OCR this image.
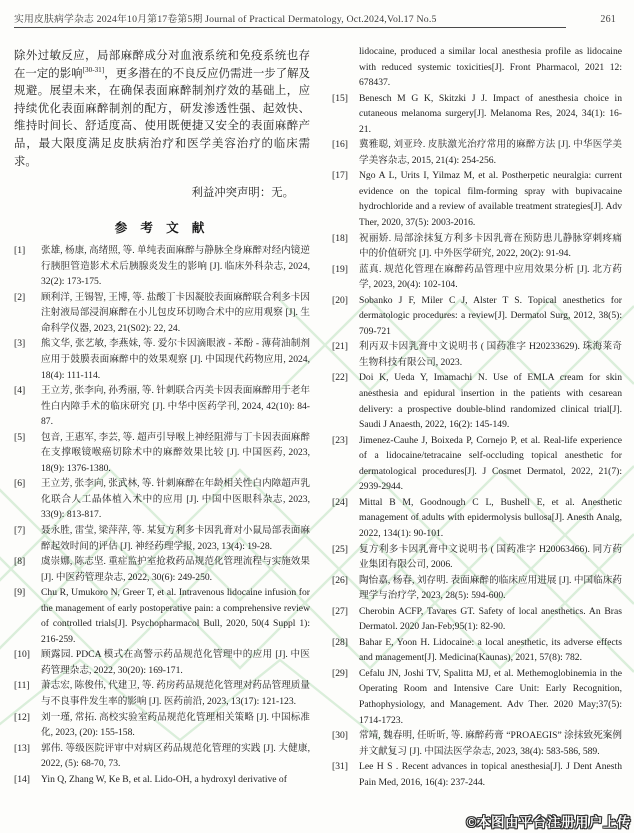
实用皮肤病学杂志 2024年10月第17卷第5期 Journal of Practical Dermatology, Oct.2024,Vol.17 No.5	261

除外过敏反应，局部麻醉成分对血液系统和免疫系统也存在一定的影响[30-31]，更多潜在的不良反应仍需进一步了解及规避。展望未来，在确保表面麻醉制剂疗效的基础上，应持续优化表面麻醉制剂的配方，研发渗透性强、起效快、维持时间长、舒适度高、使用既便捷又安全的表面麻醉产品，最大限度满足皮肤病治疗和医学美容治疗的临床需求。

利益冲突声明：无。

参 考 文 献
[1] 张雄, 杨康, 高绪照, 等. 单纯表面麻醉与静脉全身麻醉对经内镜逆行胰胆管造影术术后胰腺炎发生的影响 [J]. 临床外科杂志, 2024, 32(2): 173-175.
[2] 顾利洋, 王锡智, 王博, 等. 盐酸丁卡因凝胶表面麻醉联合利多卡因注射液局部浸润麻醉在小儿包皮环切吻合术中的应用观察 [J]. 生命科学仪器, 2023, 21(S02): 22, 24.
[3] 熊文华, 张艺敏, 李燕妹, 等. 爱尔卡因滴眼液 - 苯酚 - 薄荷油制剂应用于鼓膜表面麻醉中的效果观察 [J]. 中国现代药物应用, 2024, 18(4): 111-114.
[4] 王立芳, 张李向, 孙秀丽, 等. 针刺联合丙美卡因表面麻醉用于老年性白内障手术的临床研究 [J]. 中华中医药学刊, 2024, 42(10): 84-87.
[5] 包音, 王惠军, 李芸, 等. 超声引导喉上神经阻滞与丁卡因表面麻醉在支撑喉镜喉癌切除术中的麻醉效果比较 [J]. 中国医药, 2023, 18(9): 1376-1380.
[6] 王立芳, 张李向, 张武林, 等. 针刺麻醉在年龄相关性白内障超声乳化联合人工晶体植入术中的应用 [J]. 中国中医眼科杂志, 2023, 33(9): 813-817.
[7] 聂永胜, 雷莹, 梁萍萍, 等. 某复方利多卡因乳膏对小鼠局部表面麻醉起效时间的评估 [J]. 神经药理学报, 2023, 13(4): 19-28.
[8] 虞崇娜, 陈志坚. 重症监护室抢救药品规范化管理流程与实施效果 [J]. 中医药管理杂志, 2022, 30(6): 249-250.
[9] Chu R, Umukoro N, Greer T, et al. Intravenous lidocaine infusion for the management of early postoperative pain: a comprehensive review of controlled trials[J]. Psychopharmacol Bull, 2020, 50(4 Suppl 1): 216-259.
[10] 顾露园. PDCA 模式在高警示药品规范化管理中的应用 [J]. 中医药管理杂志, 2022, 30(20): 169-171.
[11] 萧志宏, 陈俊伟, 代建卫, 等. 药房药品规范化管理对药品管理质量与不良事件发生率的影响 [J]. 医药前沿, 2023, 13(17): 121-123.
[12] 刘一瑾, 常拓. 高校实验室药品规范化管理相关策略 [J]. 中国标准化, 2023, (20): 155-158.
[13] 郭伟. 等级医院评审中对病区药品规范化管理的实践 [J]. 大健康, 2022, (5): 68-70, 73.
[14] Yin Q, Zhang W, Ke B, et al. Lido-OH, a hydroxyl derivative of
lidocaine, produced a similar local anesthesia profile as lidocaine with reduced systemic toxicities[J]. Front Pharmacol, 2021 12: 678437.
[15] Benesch M G K, Skitzki J J. Impact of anesthesia choice in cutaneous melanoma surgery[J]. Melanoma Res, 2024, 34(1): 16-21.
[16] 冀雅聪, 刘亚玲. 皮肤激光治疗常用的麻醉方法 [J]. 中华医学美学美容杂志, 2015, 21(4): 254-256.
[17] Ngo A L, Urits I, Yilmaz M, et al. Postherpetic neuralgia: current evidence on the topical film-forming spray with bupivacaine hydrochloride and a review of available treatment strategies[J]. Adv Ther, 2020, 37(5): 2003-2016.
[18] 祝丽娇. 局部涂抹复方利多卡因乳膏在预防患儿静脉穿刺疼痛中的价值研究 [J]. 中外医学研究, 2022, 20(2): 91-94.
[19] 蓝真. 规范化管理在麻醉药品管理中应用效果分析 [J]. 北方药学, 2023, 20(4): 102-104.
[20] Sobanko J F, Miler C J, Alster T S. Topical anesthetics for dermatologic procedures: a review[J]. Dermatol Surg, 2012, 38(5): 709-721
[21] 利丙双卡因乳膏中文说明书 ( 国药准字 H20233629). 珠海莱奇生物科技有限公司, 2023.
[22] Doi K, Ueda Y, Imamachi N. Use of EMLA cream for skin anesthesia and epidural insertion in the patients with cesarean delivery: a prospective double-blind randomized clinical trial[J]. Saudi J Anaesth, 2022, 16(2): 145-149.
[23] Jimenez-Cauhe J, Boixeda P, Cornejo P, et al. Real-life experience of a lidocaine/tetracaine self-occluding topical anesthetic for dermatological procedures[J]. J Cosmet Dermatol, 2022, 21(7): 2939-2944.
[24] Mittal B M, Goodnough C L, Bushell E, et al. Anesthetic management of adults with epidermolysis bullosa[J]. Anesth Analg, 2022, 134(1): 90-101.
[25] 复方利多卡因乳膏中文说明书 ( 国药准字 H20063466). 同方药业集团有限公司, 2006.
[26] 陶怡嘉, 杨春, 刘存明. 表面麻醉的临床应用进展 [J]. 中国临床药理学与治疗学, 2023, 28(5): 594-600.
[27] Cherobin ACFP, Tavares GT. Safety of local anesthetics. An Bras Dermatol. 2020 Jan-Feb;95(1): 82-90.
[28] Bahar E, Yoon H. Lidocaine: a local anesthetic, its adverse effects and management[J]. Medicina(Kaunas), 2021, 57(8): 782.
[29] Cefalu JN, Joshi TV, Spalitta MJ, et al. Methemoglobinemia in the Operating Room and Intensive Care Unit: Early Recognition, Pathophysiology, and Management. Adv Ther. 2020 May;37(5): 1714-1723.
[30] 常靖, 魏春明, 任昕昕, 等. 麻醉药膏 “PROAEGIS” 涂抹致死案例并文献复习 [J]. 中国法医学杂志, 2023, 38(4): 583-586, 589.
[31] Lee H S . Recent advances in topical anesthesia[J]. J Dent Anesth Pain Med, 2016, 16(4): 237-244.
©本图由平台注册用户上传
